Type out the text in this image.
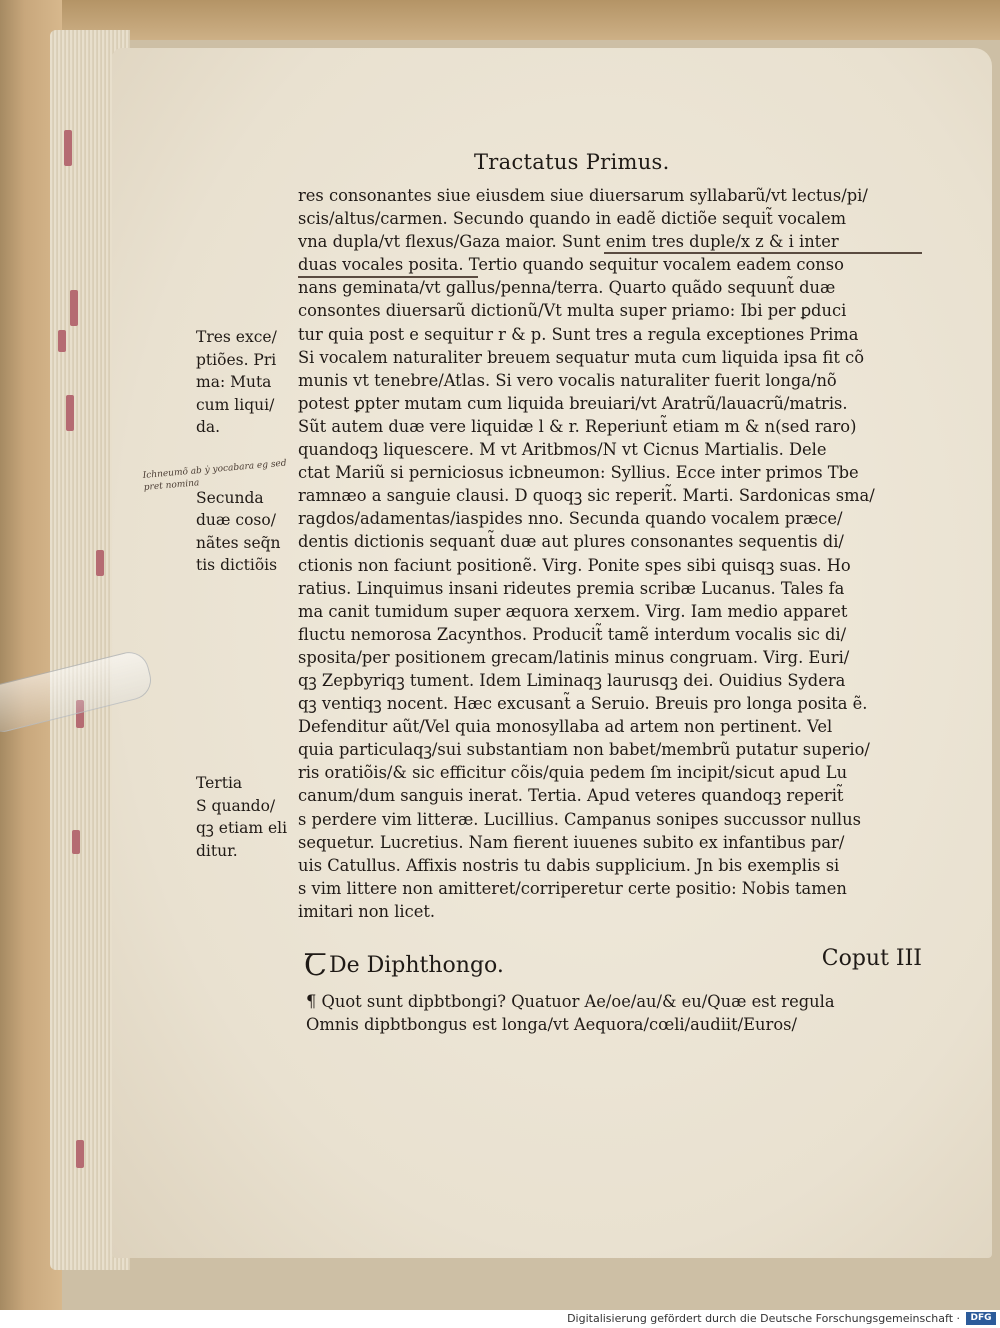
Tractatus Primus.
res consonantes siue eiusdem siue diuersarum syllabarũ/vt lectus/pi/
scis/altus/carmen. Secundo quando in eadẽ dictiõe sequit̃ vocalem
vna dupla/vt flexus/Gaza maior. Sunt enim tres duple/x z & i inter
duas vocales posita. Tertio quando sequitur vocalem eadem conso
nans geminata/vt gallus/penna/terra. Quarto quãdo sequunt̃ duæ
consontes diuersarũ dictionũ/Vt multa super priamo: Ibi per ꝑduci
tur quia post e sequitur r & p. Sunt tres a regula exceptiones Prima
Si vocalem naturaliter breuem sequatur muta cum liquida ipsa fit cõ
munis vt tenebre/Atlas. Si vero vocalis naturaliter fuerit longa/nõ
potest ꝑpter mutam cum liquida breuiari/vt Aratrũ/lauacrũ/matris.
Sũt autem duæ vere liquidæ l & r. Reperiunt̃ etiam m & n(sed raro)
quandoqꝫ liquescere. M vt Aritbmos/N vt Cicnus Martialis. Dele
ctat Mariũ si perniciosus icbneumon: Syllius. Ecce inter primos Tbe
ramnæo a sanguie clausi. D quoqꝫ sic reperit̃. Marti. Sardonicas sma/
ragdos/adamentas/iaspides nno. Secunda quando vocalem præce/
dentis dictionis sequant̃ duæ aut plures consonantes sequentis di/
ctionis non faciunt positionẽ. Virg. Ponite spes sibi quisqꝫ suas. Ho
ratius. Linquimus insani rideutes premia scribæ Lucanus. Tales fa
ma canit tumidum super æquora xerxem. Virg. Iam medio apparet
fluctu nemorosa Zacynthos. Producit̃ tamẽ interdum vocalis sic di/
sposita/per positionem grecam/latinis minus congruam. Virg. Euri/
qꝫ Zepbyriqꝫ tument. Idem Liminaqꝫ laurusqꝫ dei. Ouidius Sydera
qꝫ ventiqꝫ nocent. Hæc excusant̃ a Seruio. Breuis pro longa posita ẽ.
Defenditur aũt/Vel quia monosyllaba ad artem non pertinent. Vel
quia particulaqꝫ/sui substantiam non babet/membrũ putatur superio/
ris oratiõis/& sic efficitur cõis/quia pedem ſm incipit/sicut apud Lu
canum/dum sanguis inerat. Tertia. Apud veteres quandoqꝫ reperit̃
s perdere vim litteræ. Lucillius. Campanus sonipes succussor nullus
sequetur. Lucretius. Nam fierent iuuenes subito ex infantibus par/
uis Catullus. Affixis nostris tu dabis supplicium. Jn bis exemplis si
s vim littere non amitteret/corriperetur certe positio: Nobis tamen
imitari non licet.
Tres exce/
ptiões. Pri
ma: Muta
cum liqui/
da.
Secunda
duæ coso/
nãtes seq̃n
tis dictiõis
Tertia
S quando/
qꝫ etiam eli
ditur.
Ichneumõ ab ẏ yocabara eg sed pret nomina
ꞆDe Diphthongo.	Coput III
¶ Quot sunt dipbtbongi? Quatuor Ae/oe/au/& eu/Quæ est regula
Omnis dipbtbongus est longa/vt Aequora/cœli/audiit/Euros/
Digitalisierung gefördert durch die Deutsche Forschungsgemeinschaft ·	DFG
